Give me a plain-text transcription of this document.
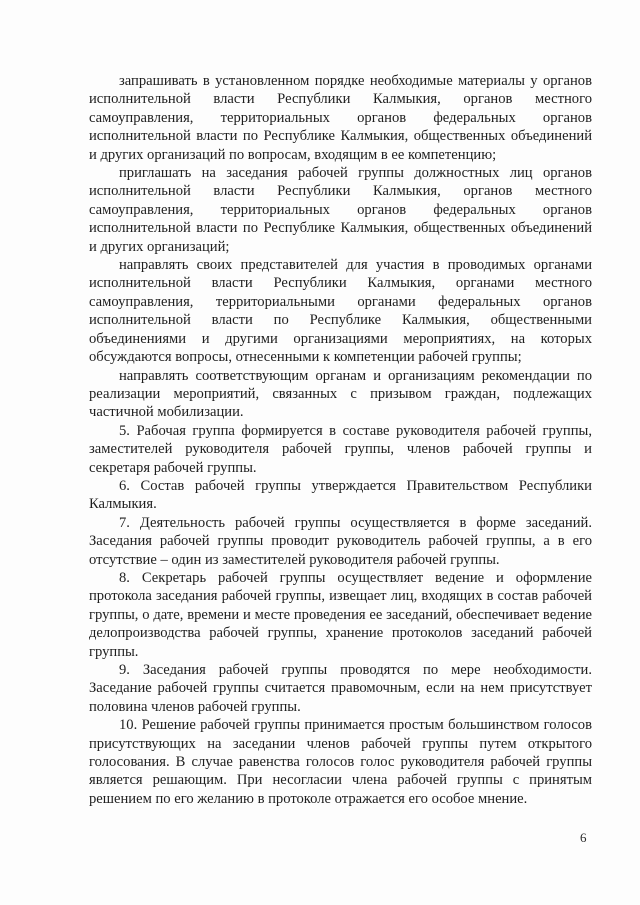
запрашивать в установленном порядке необходимые материалы у органов исполнительной власти Республики Калмыкия, органов местного самоуправления, территориальных органов федеральных органов исполнительной власти по Республике Калмыкия, общественных объединений и других организаций по вопросам, входящим в ее компетенцию;

приглашать на заседания рабочей группы должностных лиц органов исполнительной власти Республики Калмыкия, органов местного самоуправления, территориальных органов федеральных органов исполнительной власти по Республике Калмыкия, общественных объединений и других организаций;

направлять своих представителей для участия в проводимых органами исполнительной власти Республики Калмыкия, органами местного самоуправления, территориальными органами федеральных органов исполнительной власти по Республике Калмыкия, общественными объединениями и другими организациями мероприятиях, на которых обсуждаются вопросы, отнесенными к компетенции рабочей группы;

направлять соответствующим органам и организациям рекомендации по реализации мероприятий, связанных с призывом граждан, подлежащих частичной мобилизации.

5. Рабочая группа формируется в составе руководителя рабочей группы, заместителей руководителя рабочей группы, членов рабочей группы и секретаря рабочей группы.

6. Состав рабочей группы утверждается Правительством Республики Калмыкия.

7. Деятельность рабочей группы осуществляется в форме заседаний. Заседания рабочей группы проводит руководитель рабочей группы, а в его отсутствие – один из заместителей руководителя рабочей группы.

8. Секретарь рабочей группы осуществляет ведение и оформление протокола заседания рабочей группы, извещает лиц, входящих в состав рабочей группы, о дате, времени и месте проведения ее заседаний, обеспечивает ведение делопроизводства рабочей группы, хранение протоколов заседаний рабочей группы.

9. Заседания рабочей группы проводятся по мере необходимости. Заседание рабочей группы считается правомочным, если на нем присутствует половина членов рабочей группы.

10. Решение рабочей группы принимается простым большинством голосов присутствующих на заседании членов рабочей группы путем открытого голосования. В случае равенства голосов голос руководителя рабочей группы является решающим. При несогласии члена рабочей группы с принятым решением по его желанию в протоколе отражается его особое мнение.

6
